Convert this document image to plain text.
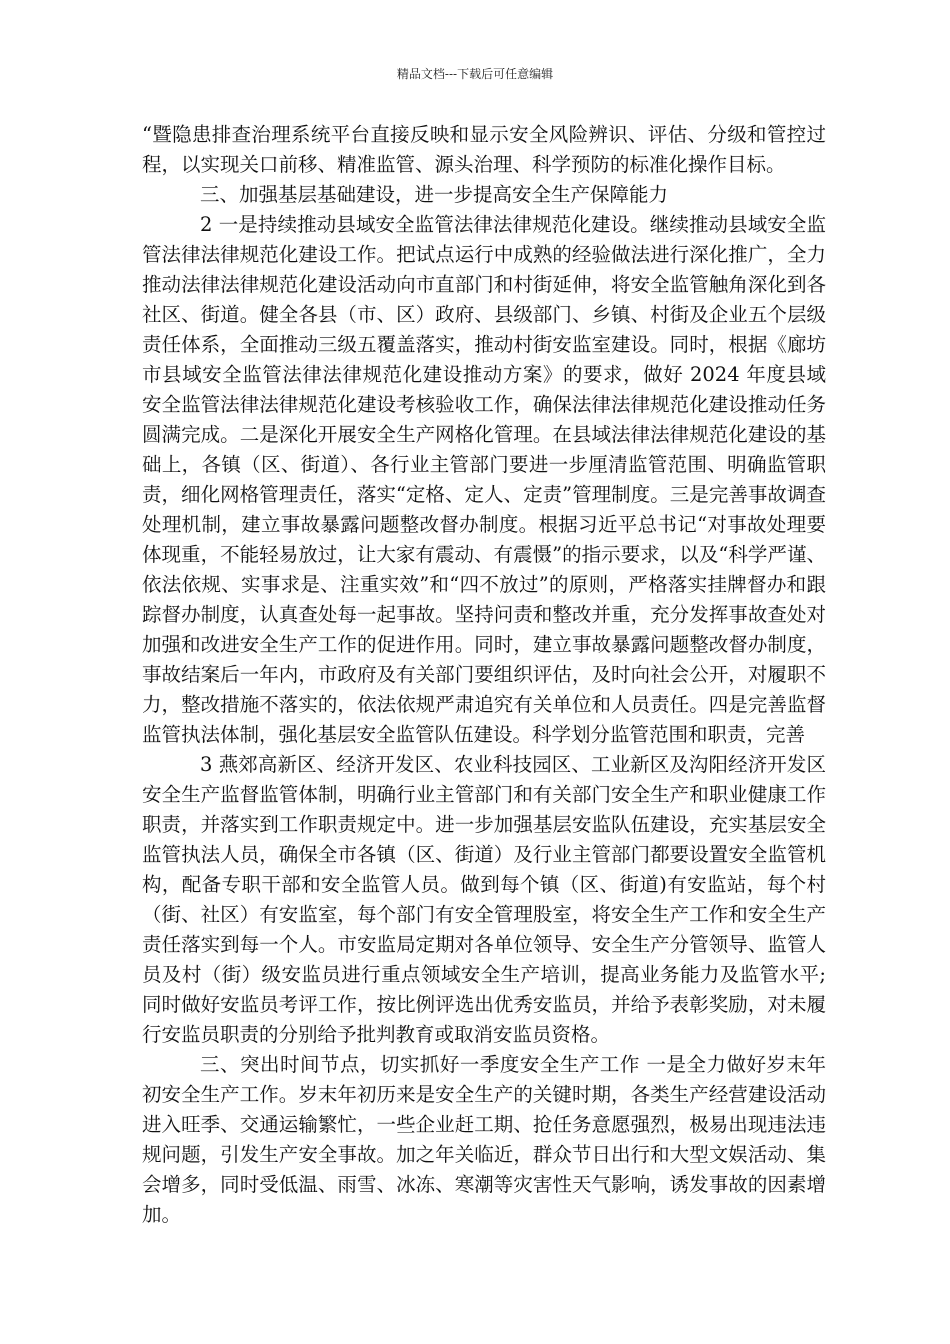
精品文档---下载后可任意编辑

“暨隐患排查治理系统平台直接反映和显示安全风险辨识、评估、分级和管控过程，以实现关口前移、精准监管、源头治理、科学预防的标准化操作目标。

三、加强基层基础建设，进一步提高安全生产保障能力

2 一是持续推动县域安全监管法律法律规范化建设。继续推动县域安全监管法律法律规范化建设工作。把试点运行中成熟的经验做法进行深化推广，全力推动法律法律规范化建设活动向市直部门和村街延伸，将安全监管触角深化到各社区、街道。健全各县（市、区）政府、县级部门、乡镇、村街及企业五个层级责任体系，全面推动三级五覆盖落实，推动村街安监室建设。同时，根据《廊坊市县域安全监管法律法律规范化建设推动方案》的要求，做好 2024 年度县域安全监管法律法律规范化建设考核验收工作，确保法律法律规范化建设推动任务圆满完成。二是深化开展安全生产网格化管理。在县域法律法律规范化建设的基础上，各镇（区、街道）、各行业主管部门要进一步厘清监管范围、明确监管职责，细化网格管理责任，落实“定格、定人、定责”管理制度。三是完善事故调查处理机制，建立事故暴露问题整改督办制度。根据习近平总书记“对事故处理要体现重，不能轻易放过，让大家有震动、有震慑”的指示要求，以及“科学严谨、依法依规、实事求是、注重实效”和“四不放过”的原则，严格落实挂牌督办和跟踪督办制度，认真查处每一起事故。坚持问责和整改并重，充分发挥事故查处对加强和改进安全生产工作的促进作用。同时，建立事故暴露问题整改督办制度，事故结案后一年内，市政府及有关部门要组织评估，及时向社会公开，对履职不力，整改措施不落实的，依法依规严肃追究有关单位和人员责任。四是完善监督监管执法体制，强化基层安全监管队伍建设。科学划分监管范围和职责，完善

3 燕郊高新区、经济开发区、农业科技园区、工业新区及沟阳经济开发区安全生产监督监管体制，明确行业主管部门和有关部门安全生产和职业健康工作职责，并落实到工作职责规定中。进一步加强基层安监队伍建设，充实基层安全监管执法人员，确保全市各镇（区、街道）及行业主管部门都要设置安全监管机构，配备专职干部和安全监管人员。做到每个镇（区、街道)有安监站，每个村（街、社区）有安监室，每个部门有安全管理股室，将安全生产工作和安全生产责任落实到每一个人。市安监局定期对各单位领导、安全生产分管领导、监管人员及村（街）级安监员进行重点领域安全生产培训，提高业务能力及监管水平; 同时做好安监员考评工作，按比例评选出优秀安监员，并给予表彰奖励，对未履行安监员职责的分别给予批判教育或取消安监员资格。

三、突出时间节点，切实抓好一季度安全生产工作 一是全力做好岁末年初安全生产工作。岁末年初历来是安全生产的关键时期，各类生产经营建设活动进入旺季、交通运输繁忙，一些企业赶工期、抢任务意愿强烈，极易出现违法违规问题，引发生产安全事故。加之年关临近，群众节日出行和大型文娱活动、集会增多，同时受低温、雨雪、冰冻、寒潮等灾害性天气影响，诱发事故的因素增加。
